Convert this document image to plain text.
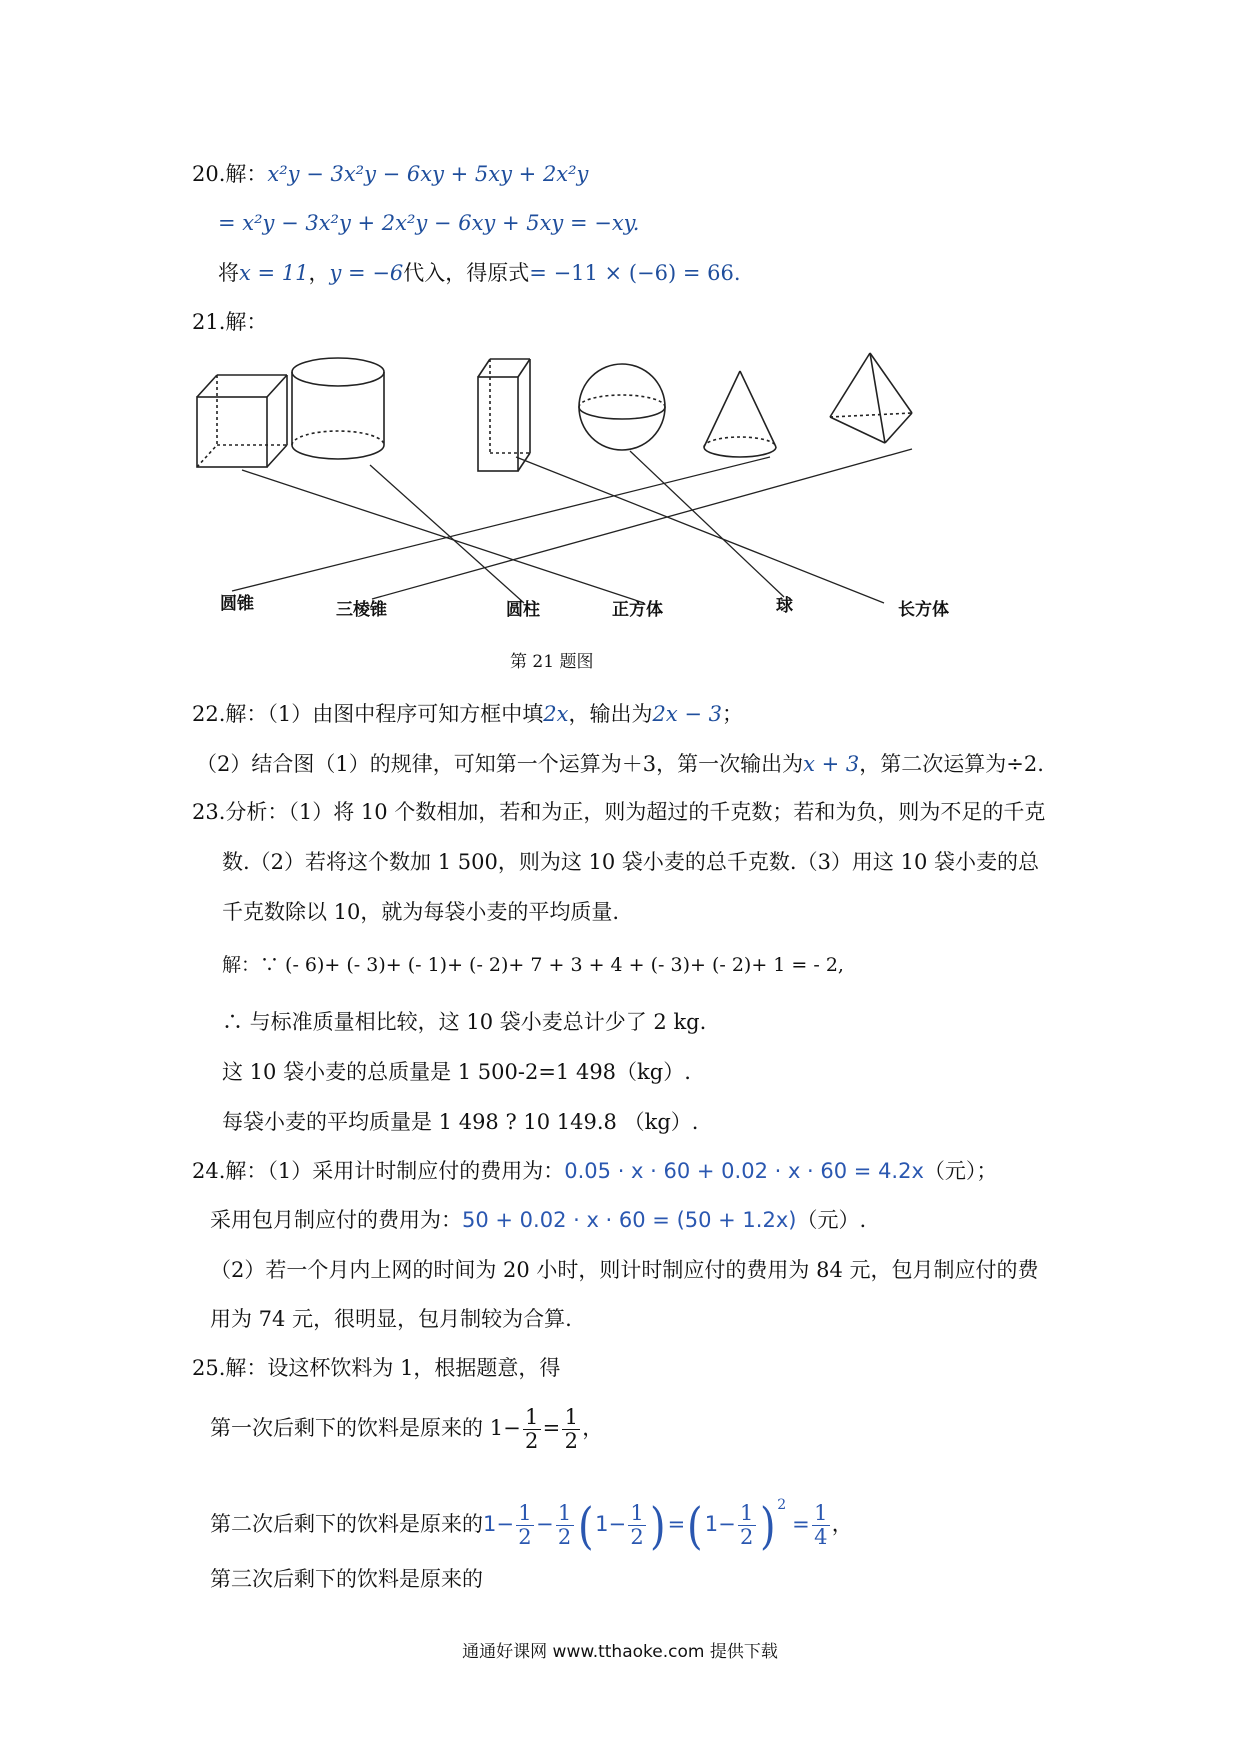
20.解：x²y − 3x²y − 6xy + 5xy + 2x²y
= x²y − 3x²y + 2x²y − 6xy + 5xy = −xy.
将x = 11，y = −6代入，得原式= −11 × (−6) = 66.
21.解：
圆锥	三棱锥	圆柱	正方体	球	长方体
第 21 题图
22.解：（1）由图中程序可知方框中填2x，输出为2x − 3；
（2）结合图（1）的规律，可知第一个运算为＋3，第一次输出为x + 3，第二次运算为÷2.
23.分析：（1）将 10 个数相加，若和为正，则为超过的千克数；若和为负，则为不足的千克
数.（2）若将这个数加 1 500，则为这 10 袋小麦的总千克数.（3）用这 10 袋小麦的总
千克数除以 10，就为每袋小麦的平均质量.
解：∵ (- 6)+ (- 3)+ (- 1)+ (- 2)+ 7 + 3 + 4 + (- 3)+ (- 2)+ 1 = - 2,
∴ 与标准质量相比较，这 10 袋小麦总计少了 2 kg.
这 10 袋小麦的总质量是 1 500-2=1 498（kg）.
每袋小麦的平均质量是 1 498 ? 10 149.8 （kg）.
24.解：（1）采用计时制应付的费用为：0.05 · x · 60 + 0.02 · x · 60 = 4.2x（元）；
采用包月制应付的费用为：50 + 0.02 · x · 60 = (50 + 1.2x)（元）.
（2）若一个月内上网的时间为 20 小时，则计时制应付的费用为 84 元，包月制应付的费
用为 74 元，很明显，包月制较为合算.
25.解：设这杯饮料为 1，根据题意，得
第一次后剩下的饮料是原来的 $1- \frac{1}{2} = \frac{1}{2}$ ，
第二次后剩下的饮料是原来的$1- \frac{1}{2} - \frac{1}{2} (1- \frac{1}{2} )=(1- \frac{1}{2}$ ) $^2= \frac{1}{4}$ ，
第三次后剩下的饮料是原来的
通通好课网 www.tthaoke.com 提供下载
